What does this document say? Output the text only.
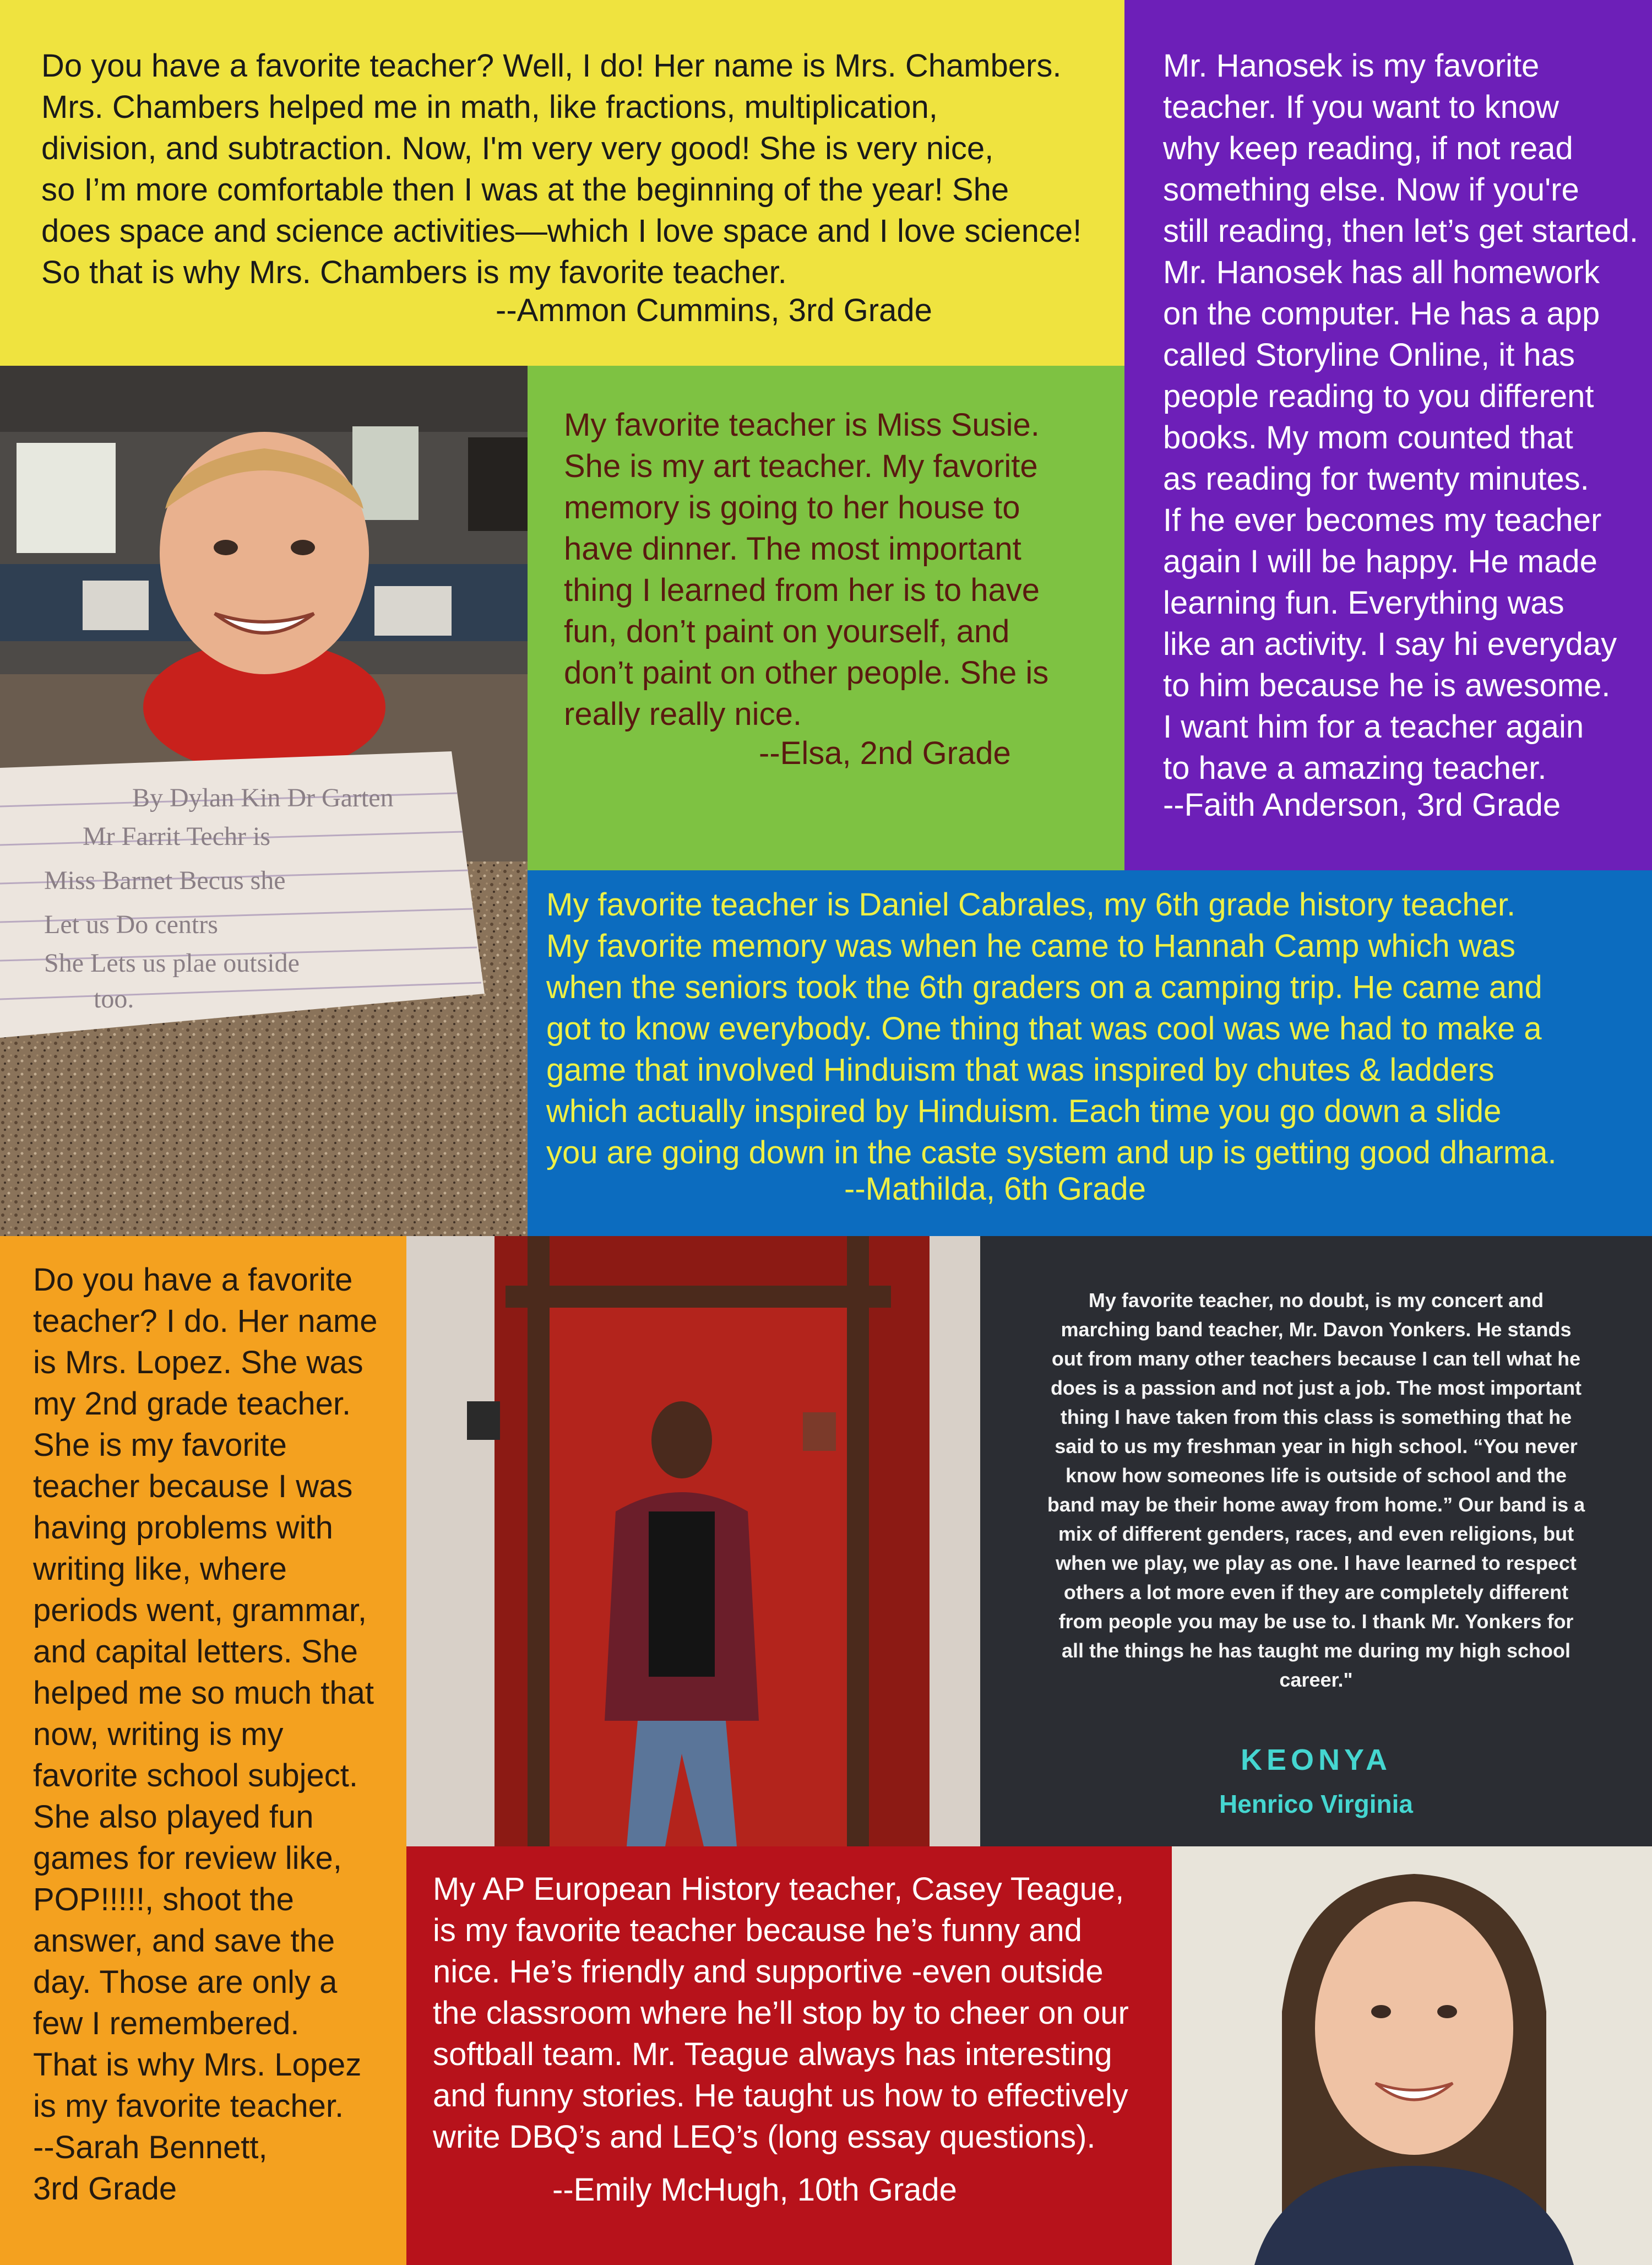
Do you have a favorite teacher? Well, I do! Her name is Mrs. Chambers.
Mrs. Chambers helped me in math, like fractions, multiplication,
division, and subtraction. Now, I'm very very good! She is very nice,
so I’m more comfortable then I was at the beginning of the year! She
does space and science activities—which I love space and I love science!
So that is why Mrs. Chambers is my favorite teacher.

--Ammon Cummins, 3rd Grade

Mr. Hanosek is my favorite
teacher. If you want to know
why keep reading, if not read
something else. Now if you're
still reading, then let’s get started.
Mr. Hanosek has all homework
on the computer. He has a app
called Storyline Online, it has
people reading to you different
books. My mom counted that
as reading for twenty minutes.
If he ever becomes my teacher
again I will be happy. He made
learning fun. Everything was
like an activity. I say hi everyday
to him because he is awesome.
I want him for a teacher again
to have a amazing teacher.

--Faith Anderson, 3rd Grade
By Dylan Kin Dr Garten Mr Farrit Techr is Miss Barnet Becus she Let us Do centrs She Lets us plae outside too.

My favorite teacher is Miss Susie.
She is my art teacher. My favorite
memory is going to her house to
have dinner. The most important
thing I learned from her is to have
fun, don’t paint on yourself, and
don’t paint on other people. She is
really really nice.

--Elsa, 2nd Grade

My favorite teacher is Daniel Cabrales, my 6th grade history teacher.
My favorite memory was when he came to Hannah Camp which was
when the seniors took the 6th graders on a camping trip. He came and
got to know everybody. One thing that was cool was we had to make a
game that involved Hinduism that was inspired by chutes & ladders
which actually inspired by Hinduism. Each time you go down a slide
you are going down in the caste system and up is getting good dharma.

--Mathilda, 6th Grade

Do you have a favorite
teacher? I do. Her name
is Mrs. Lopez. She was
my 2nd grade teacher.
She is my favorite
teacher because I was
having problems with
writing like, where
periods went, grammar,
and capital letters. She
helped me so much that
now, writing is my
favorite school subject.
She also played fun
games for review like,
POP!!!!!, shoot the
answer, and save the
day. Those are only a
few I remembered.
That is why Mrs. Lopez
is my favorite teacher.
--Sarah Bennett,
3rd Grade

My favorite teacher, no doubt, is my concert and
marching band teacher, Mr. Davon Yonkers. He stands
out from many other teachers because I can tell what he
does is a passion and not just a job. The most important
thing I have taken from this class is something that he
said to us my freshman year in high school. “You never
know how someones life is outside of school and the
band may be their home away from home.” Our band is a
mix of different genders, races, and even religions, but
when we play, we play as one. I have learned to respect
others a lot more even if they are completely different
from people you may be use to. I thank Mr. Yonkers for
all the things he has taught me during my high school
career."

KEONYA
Henrico Virginia

My AP European History teacher, Casey Teague,
is my favorite teacher because he’s funny and
nice. He’s friendly and supportive -even outside
the classroom where he’ll stop by to cheer on our
softball team. Mr. Teague always has interesting
and funny stories. He taught us how to effectively
write DBQ’s and LEQ’s (long essay questions).

--Emily McHugh, 10th Grade
